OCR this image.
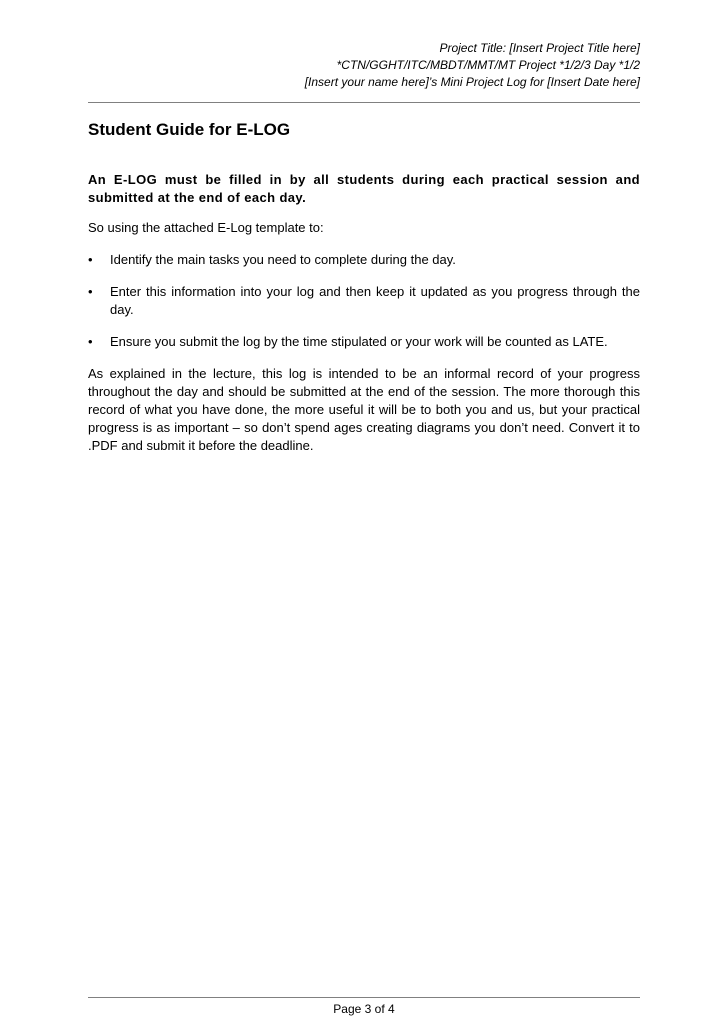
Project Title: [Insert Project Title here]
*CTN/GGHT/ITC/MBDT/MMT/MT Project *1/2/3 Day *1/2
[Insert your name here]’s Mini Project Log for [Insert Date here]
Student Guide for E-LOG

An E-LOG must be filled in by all students during each practical session and submitted at the end of each day.

So using the attached E-Log template to:

•	Identify the main tasks you need to complete during the day.
•	Enter this information into your log and then keep it updated as you progress through the day.
•	Ensure you submit the log by the time stipulated or your work will be counted as LATE.

As explained in the lecture, this log is intended to be an informal record of your progress throughout the day and should be submitted at the end of the session. The more thorough this record of what you have done, the more useful it will be to both you and us, but your practical progress is as important – so don’t spend ages creating diagrams you don’t need. Convert it to .PDF and submit it before the deadline.

Page 3 of 4
